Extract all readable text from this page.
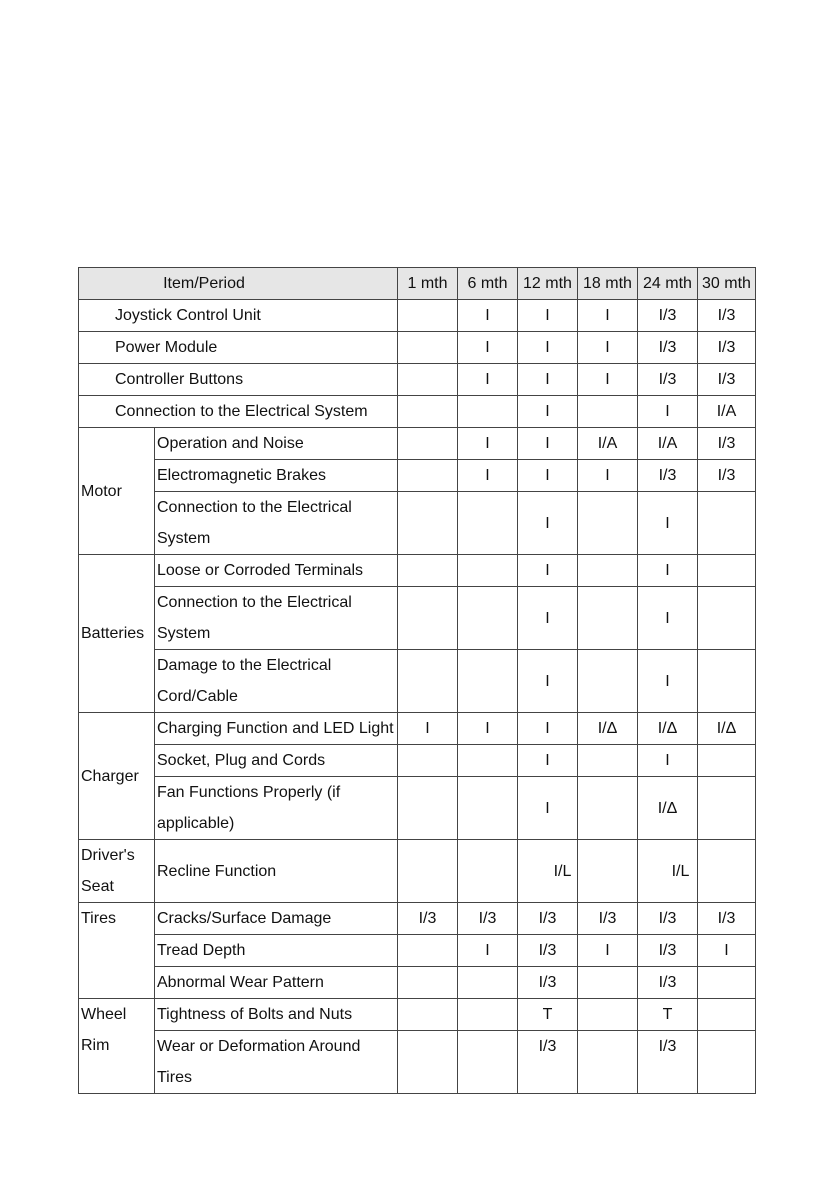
Item/Period		1 mth	6 mth	12 mth	18 mth	24 mth	30 mth
Joystick Control Unit			I	I	I	I/3	I/3
Power Module			I	I	I	I/3	I/3
Controller Buttons			I	I	I	I/3	I/3
Connection to the Electrical System				I		I	I/A
Motor	Operation and Noise		I	I	I/A	I/A	I/3
	Electromagnetic Brakes		I	I	I	I/3	I/3
	Connection to the Electrical System			I		I	
Batteries	Loose or Corroded Terminals			I		I	
	Connection to the Electrical System			I		I	
	Damage to the Electrical Cord/Cable			I		I	
Charger	Charging Function and LED Light	I	I	I	I/Δ	I/Δ	I/Δ
	Socket, Plug and Cords			I		I	
	Fan Functions Properly (if applicable)			I		I/Δ	
Driver's Seat	Recline Function			I/L		I/L	
Tires	Cracks/Surface Damage	I/3	I/3	I/3	I/3	I/3	I/3
	Tread Depth		I	I/3	I	I/3	I
	Abnormal Wear Pattern			I/3		I/3	
Wheel Rim	Tightness of Bolts and Nuts			T		T	
	Wear or Deformation Around Tires			I/3		I/3	
